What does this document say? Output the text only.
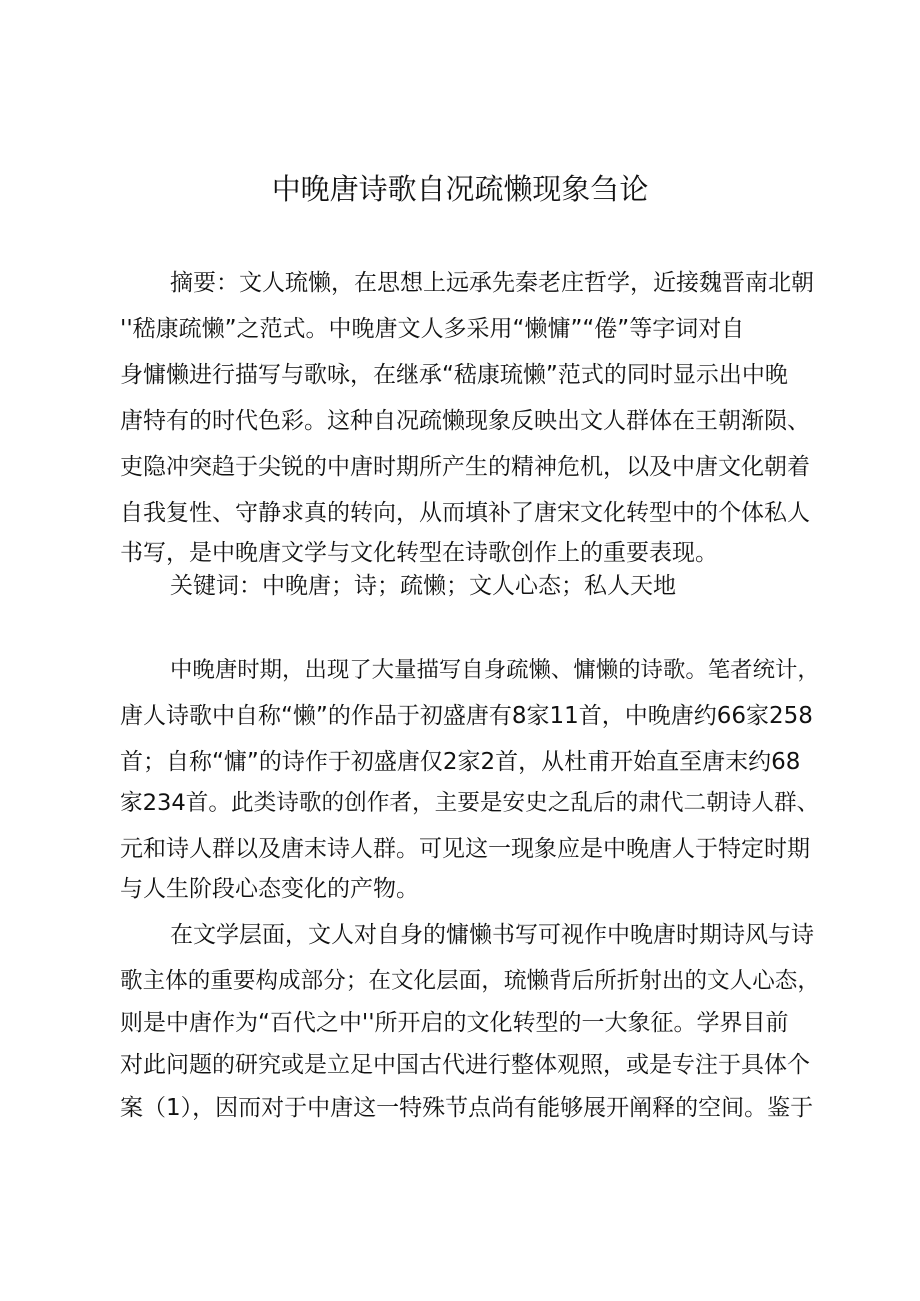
中晚唐诗歌自况疏懒现象刍论
摘要：文人琉懒，在思想上远承先秦老庄哲学，近接魏晋南北朝
''嵇康疏懒”之范式。中晚唐文人多采用“懒慵”“倦”等字词对自
身慵懒进行描写与歌咏，在继承“嵇康琉懒”范式的同时显示出中晚
唐特有的时代色彩。这种自况疏懒现象反映出文人群体在王朝渐陨、
吏隐冲突趋于尖锐的中唐时期所产生的精神危机，以及中唐文化朝着
自我复性、守静求真的转向，从而填补了唐宋文化转型中的个体私人
书写，是中晚唐文学与文化转型在诗歌创作上的重要表现。
关键词：中晚唐；诗；疏懒；文人心态；私人天地
中晚唐时期，出现了大量描写自身疏懒、慵懒的诗歌。笔者统计，
唐人诗歌中自称“懒”的作品于初盛唐有8家11首，中晚唐约66家258
首；自称“慵”的诗作于初盛唐仅2家2首，从杜甫开始直至唐末约68
家234首。此类诗歌的创作者，主要是安史之乱后的肃代二朝诗人群、
元和诗人群以及唐末诗人群。可见这一现象应是中晚唐人于特定时期
与人生阶段心态变化的产物。
在文学层面，文人对自身的慵懒书写可视作中晚唐时期诗风与诗
歌主体的重要构成部分；在文化层面，琉懒背后所折射出的文人心态，
则是中唐作为“百代之中''所开启的文化转型的一大象征。学界目前
对此问题的研究或是立足中国古代进行整体观照，或是专注于具体个
案（1），因而对于中唐这一特殊节点尚有能够展开阐释的空间。鉴于
